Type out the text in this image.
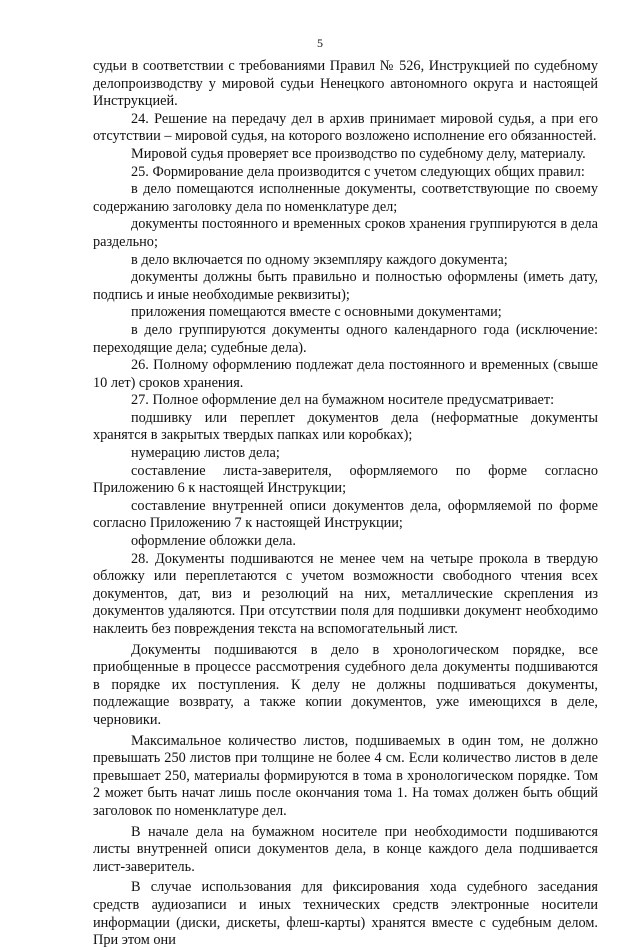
5

судьи в соответствии с требованиями Правил № 526, Инструкцией по судебному делопроизводству у мировой судьи Ненецкого автономного округа и настоящей Инструкцией.

24. Решение на передачу дел в архив принимает мировой судья, а при его отсутствии – мировой судья, на которого возложено исполнение его обязанностей.

Мировой судья проверяет все производство по судебному делу, материалу.

25. Формирование дела производится с учетом следующих общих правил:

в дело помещаются исполненные документы, соответствующие по своему содержанию заголовку дела по номенклатуре дел;

документы постоянного и временных сроков хранения группируются в дела раздельно;

в дело включается по одному экземпляру каждого документа;

документы должны быть правильно и полностью оформлены (иметь дату, подпись и иные необходимые реквизиты);

приложения помещаются вместе с основными документами;

в дело группируются документы одного календарного года (исключение: переходящие дела; судебные дела).

26. Полному оформлению подлежат дела постоянного и временных (свыше 10 лет) сроков хранения.

27. Полное оформление дел на бумажном носителе предусматривает:

подшивку или переплет документов дела (неформатные документы хранятся в закрытых твердых папках или коробках);

нумерацию листов дела;

составление листа-заверителя, оформляемого по форме согласно Приложению 6 к настоящей Инструкции;

составление внутренней описи документов дела, оформляемой по форме согласно Приложению 7 к настоящей Инструкции;

оформление обложки дела.

28. Документы подшиваются не менее чем на четыре прокола в твердую обложку или переплетаются с учетом возможности свободного чтения всех документов, дат, виз и резолюций на них, металлические скрепления из документов удаляются. При отсутствии поля для подшивки документ необходимо наклеить без повреждения текста на вспомогательный лист.

Документы подшиваются в дело в хронологическом порядке, все приобщенные в процессе рассмотрения судебного дела документы подшиваются в порядке их поступления. К делу не должны подшиваться документы, подлежащие возврату, а также копии документов, уже имеющихся в деле, черновики.

Максимальное количество листов, подшиваемых в один том, не должно превышать 250 листов при толщине не более 4 см. Если количество листов в деле превышает 250, материалы формируются в тома в хронологическом порядке. Том 2 может быть начат лишь после окончания тома 1. На томах должен быть общий заголовок по номенклатуре дел.

В начале дела на бумажном носителе при необходимости подшиваются листы внутренней описи документов дела, в конце каждого дела подшивается лист-заверитель.

В случае использования для фиксирования хода судебного заседания средств аудиозаписи и иных технических средств электронные носители информации (диски, дискеты, флеш-карты) хранятся вместе с судебным делом. При этом они
